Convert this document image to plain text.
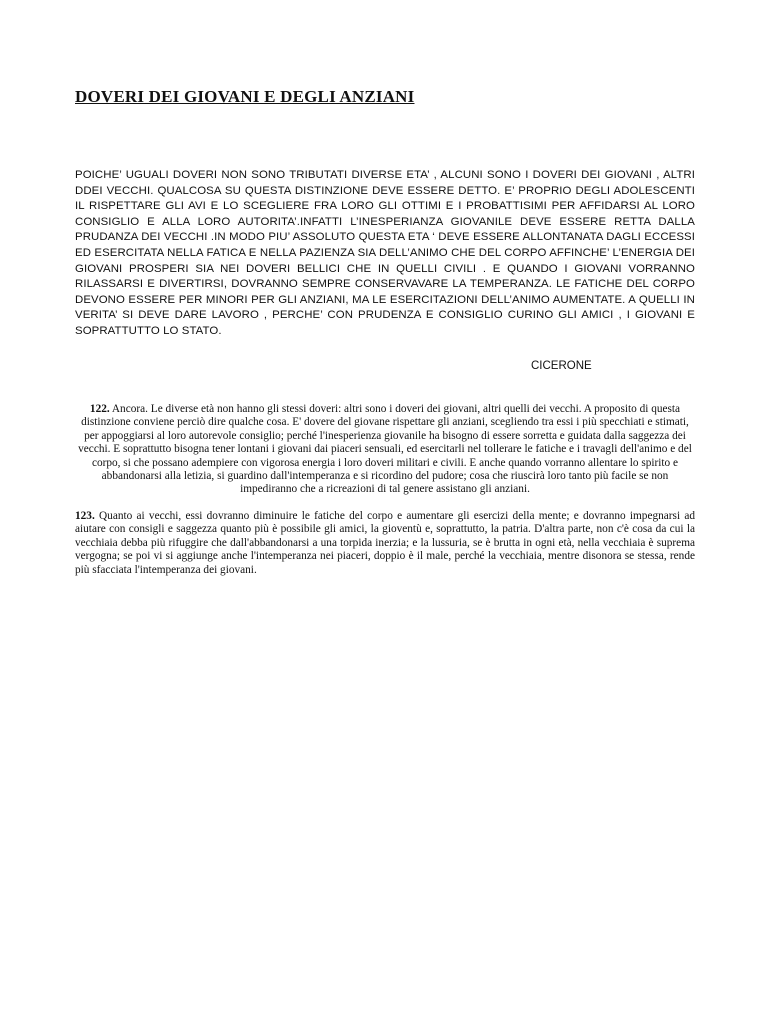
DOVERI DEI GIOVANI E DEGLI ANZIANI

POICHE’ UGUALI DOVERI NON SONO TRIBUTATI DIVERSE ETA’ , ALCUNI SONO I DOVERI DEI GIOVANI , ALTRI DDEI VECCHI. QUALCOSA SU QUESTA DISTINZIONE DEVE ESSERE DETTO. E’ PROPRIO DEGLI ADOLESCENTI IL RISPETTARE GLI AVI E LO SCEGLIERE FRA LORO GLI OTTIMI E I PROBATTISIMI PER AFFIDARSI AL LORO CONSIGLIO E ALLA LORO AUTORITA’.INFATTI L’INESPERIANZA GIOVANILE DEVE ESSERE RETTA DALLA PRUDANZA DEI VECCHI .IN MODO PIU’ ASSOLUTO QUESTA ETA ‘ DEVE ESSERE ALLONTANATA DAGLI ECCESSI ED ESERCITATA NELLA FATICA E NELLA PAZIENZA SIA DELL’ANIMO CHE DEL CORPO AFFINCHE’ L’ENERGIA DEI GIOVANI PROSPERI SIA NEI DOVERI BELLICI CHE IN QUELLI CIVILI . E QUANDO I GIOVANI VORRANNO RILASSARSI E DIVERTIRSI, DOVRANNO SEMPRE CONSERVAVARE LA TEMPERANZA. LE FATICHE DEL CORPO DEVONO ESSERE PER MINORI PER GLI ANZIANI, MA LE ESERCITAZIONI DELL’ANIMO AUMENTATE. A QUELLI IN VERITA’ SI DEVE DARE LAVORO , PERCHE’ CON PRUDENZA E CONSIGLIO CURINO GLI AMICI , I GIOVANI E SOPRATTUTTO LO STATO.

CICERONE

122. Ancora. Le diverse età non hanno gli stessi doveri: altri sono i doveri dei giovani, altri quelli dei vecchi. A proposito di questa distinzione conviene perciò dire qualche cosa. E' dovere del giovane rispettare gli anziani, scegliendo tra essi i più specchiati e stimati, per appoggiarsi al loro autorevole consiglio; perché l'inesperienza giovanile ha bisogno di essere sorretta e guidata dalla saggezza dei vecchi. E soprattutto bisogna tener lontani i giovani dai piaceri sensuali, ed esercitarli nel tollerare le fatiche e i travagli dell'animo e del corpo, si che possano adempiere con vigorosa energia i loro doveri militari e civili. E anche quando vorranno allentare lo spirito e abbandonarsi alla letizia, si guardino dall'intemperanza e si ricordino del pudore; cosa che riuscirà loro tanto più facile se non impediranno che a ricreazioni di tal genere assistano gli anziani.

123. Quanto ai vecchi, essi dovranno diminuire le fatiche del corpo e aumentare gli esercizi della mente; e dovranno impegnarsi ad aiutare con consigli e saggezza quanto più è possibile gli amici, la gioventù e, soprattutto, la patria. D'altra parte, non c'è cosa da cui la vecchiaia debba più rifuggire che dall'abbandonarsi a una torpida inerzia; e la lussuria, se è brutta in ogni età, nella vecchiaia è suprema vergogna; se poi vi si aggiunge anche l'intemperanza nei piaceri, doppio è il male, perché la vecchiaia, mentre disonora se stessa, rende più sfacciata l'intemperanza dei giovani.
